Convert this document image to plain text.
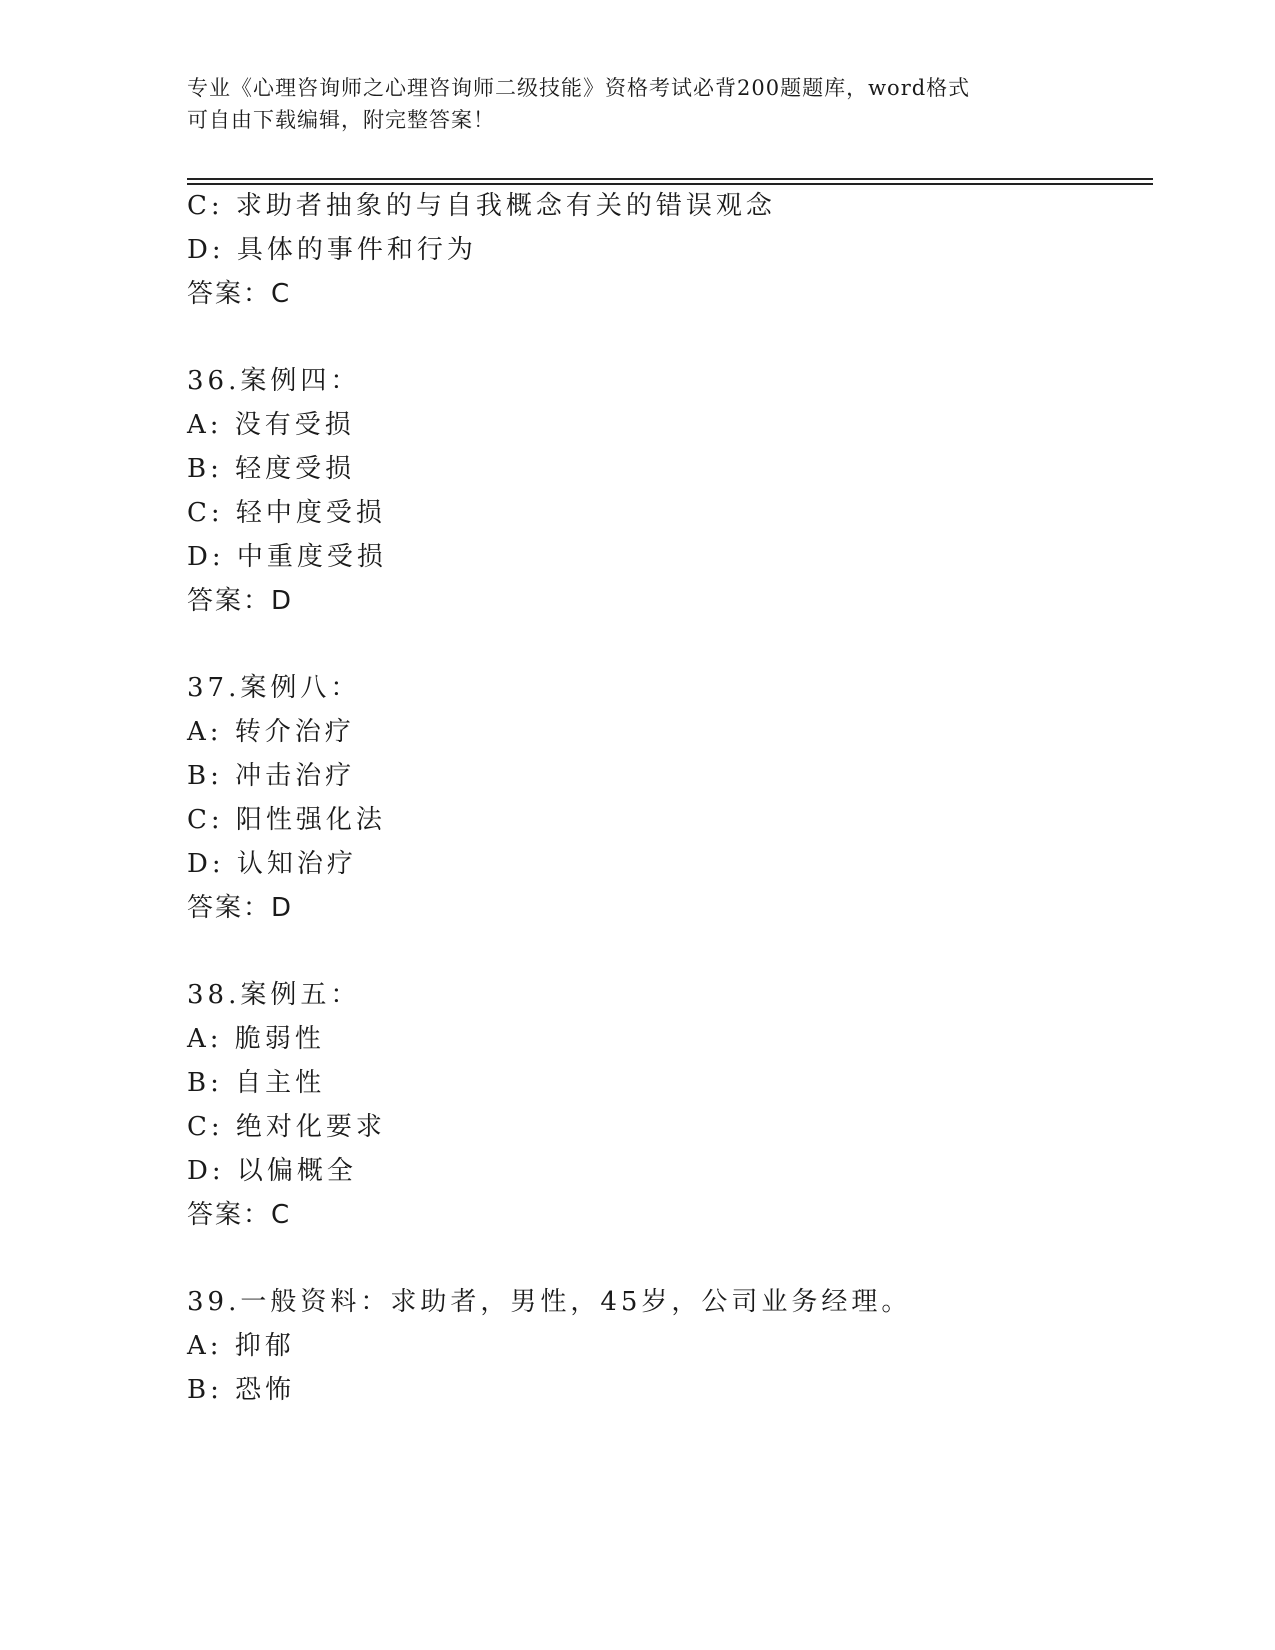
专业《心理咨询师之心理咨询师二级技能》资格考试必背200题题库，word格式
可自由下载编辑，附完整答案！
C: 求助者抽象的与自我概念有关的错误观念
D: 具体的事件和行为
答案：C
36.案例四：
A: 没有受损
B: 轻度受损
C: 轻中度受损
D: 中重度受损
答案：D
37.案例八：
A: 转介治疗
B: 冲击治疗
C: 阳性强化法
D: 认知治疗
答案：D
38.案例五：
A: 脆弱性
B: 自主性
C: 绝对化要求
D: 以偏概全
答案：C
39.一般资料：求助者，男性，45岁，公司业务经理。
A: 抑郁
B: 恐怖
